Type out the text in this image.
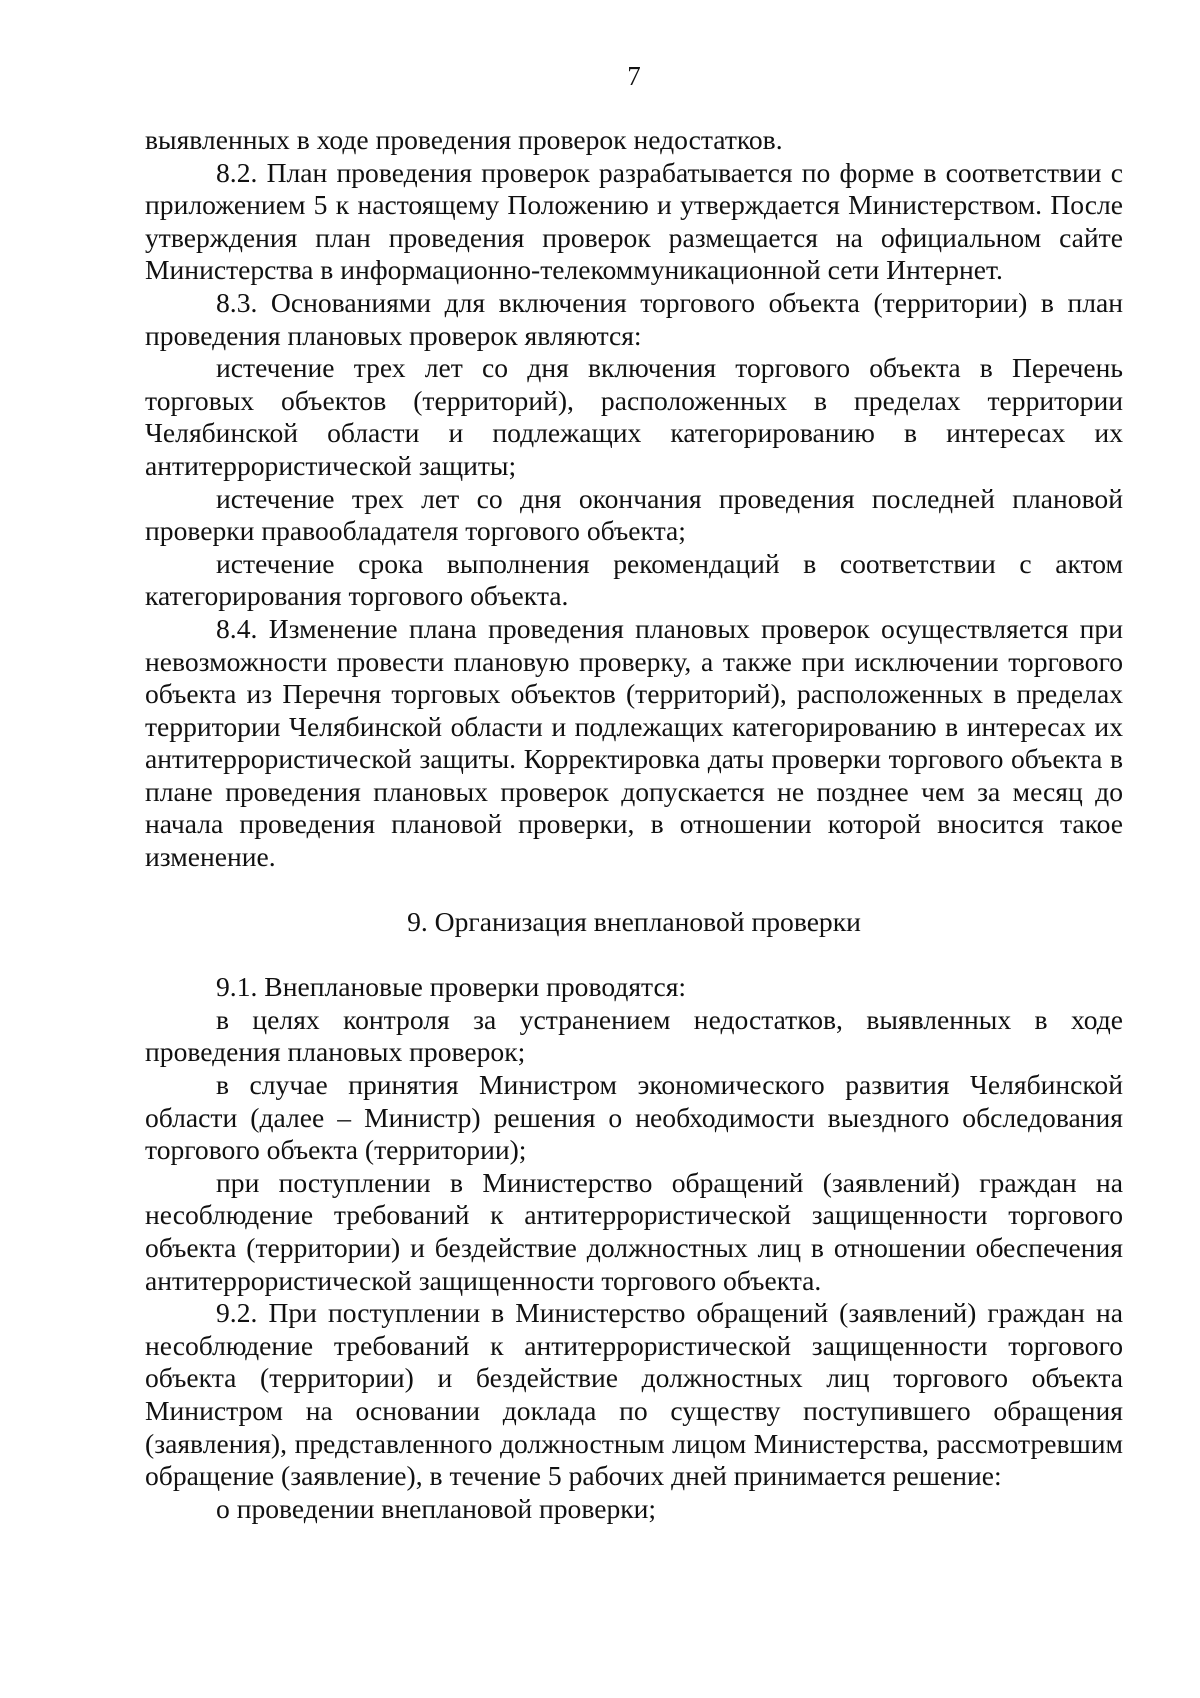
7

выявленных в ходе проведения проверок недостатков.

8.2. План проведения проверок разрабатывается по форме в соответствии с приложением 5 к настоящему Положению и утверждается Министерством. После утверждения план проведения проверок размещается на официальном сайте Министерства в информационно-телекоммуникационной сети Интернет.

8.3. Основаниями для включения торгового объекта (территории) в план проведения плановых проверок являются:

истечение трех лет со дня включения торгового объекта в Перечень торговых объектов (территорий), расположенных в пределах территории Челябинской области и подлежащих категорированию в интересах их антитеррористической защиты;

истечение трех лет со дня окончания проведения последней плановой проверки правообладателя торгового объекта;

истечение срока выполнения рекомендаций в соответствии с актом категорирования торгового объекта.

8.4. Изменение плана проведения плановых проверок осуществляется при невозможности провести плановую проверку, а также при исключении торгового объекта из Перечня торговых объектов (территорий), расположенных в пределах территории Челябинской области и подлежащих категорированию в интересах их антитеррористической защиты. Корректировка даты проверки торгового объекта в плане проведения плановых проверок допускается не позднее чем за месяц до начала проведения плановой проверки, в отношении которой вносится такое изменение.

9. Организация внеплановой проверки

9.1. Внеплановые проверки проводятся:

в целях контроля за устранением недостатков, выявленных в ходе проведения плановых проверок;

в случае принятия Министром экономического развития Челябинской области (далее – Министр) решения о необходимости выездного обследования торгового объекта (территории);

при поступлении в Министерство обращений (заявлений) граждан на несоблюдение требований к антитеррористической защищенности торгового объекта (территории) и бездействие должностных лиц в отношении обеспечения антитеррористической защищенности торгового объекта.

9.2. При поступлении в Министерство обращений (заявлений) граждан на несоблюдение требований к антитеррористической защищенности торгового объекта (территории) и бездействие должностных лиц торгового объекта Министром на основании доклада по существу поступившего обращения (заявления), представленного должностным лицом Министерства, рассмотревшим обращение (заявление), в течение 5 рабочих дней принимается решение:

о проведении внеплановой проверки;
